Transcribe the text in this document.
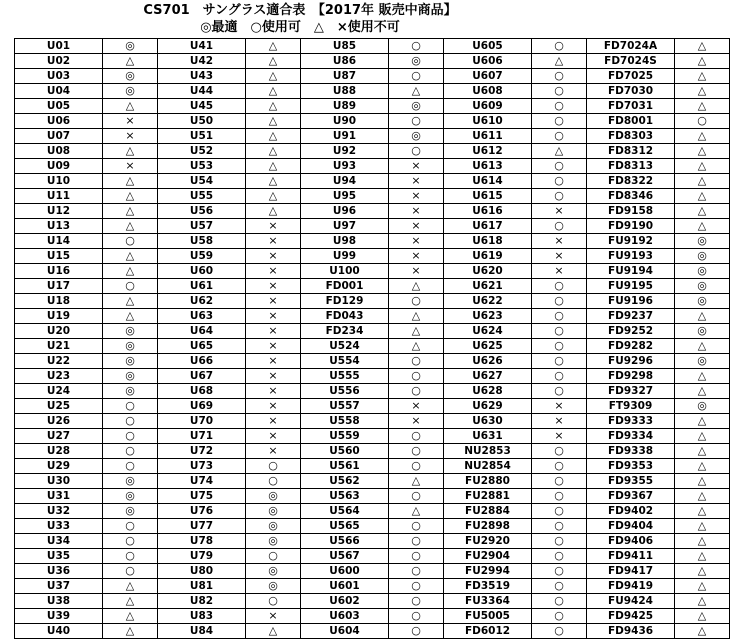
CS701　サングラス適合表　【2017年 販売中商品】
◎最適　○使用可　△　×使用不可
U01	◎	U41	△	U85	○	U605	○	FD7024A	△
U02	△	U42	△	U86	◎	U606	△	FD7024S	△
U03	◎	U43	△	U87	○	U607	○	FD7025	△
U04	◎	U44	△	U88	△	U608	○	FD7030	△
U05	△	U45	△	U89	◎	U609	○	FD7031	△
U06	×	U50	△	U90	○	U610	○	FD8001	○
U07	×	U51	△	U91	◎	U611	○	FD8303	△
U08	△	U52	△	U92	○	U612	△	FD8312	△
U09	×	U53	△	U93	×	U613	○	FD8313	△
U10	△	U54	△	U94	×	U614	○	FD8322	△
U11	△	U55	△	U95	×	U615	○	FD8346	△
U12	△	U56	△	U96	×	U616	×	FD9158	△
U13	△	U57	×	U97	×	U617	○	FD9190	△
U14	○	U58	×	U98	×	U618	×	FU9192	◎
U15	△	U59	×	U99	×	U619	×	FU9193	◎
U16	△	U60	×	U100	×	U620	×	FU9194	◎
U17	○	U61	×	FD001	△	U621	○	FU9195	◎
U18	△	U62	×	FD129	○	U622	○	FU9196	◎
U19	△	U63	×	FD043	△	U623	○	FD9237	△
U20	◎	U64	×	FD234	△	U624	○	FD9252	◎
U21	◎	U65	×	U524	△	U625	○	FD9282	△
U22	◎	U66	×	U554	○	U626	○	FU9296	◎
U23	◎	U67	×	U555	○	U627	○	FD9298	△
U24	◎	U68	×	U556	○	U628	○	FD9327	△
U25	○	U69	×	U557	×	U629	×	FT9309	◎
U26	○	U70	×	U558	×	U630	×	FD9333	△
U27	○	U71	×	U559	○	U631	×	FD9334	△
U28	○	U72	×	U560	○	NU2853	○	FD9338	△
U29	○	U73	○	U561	○	NU2854	○	FD9353	△
U30	◎	U74	○	U562	△	FU2880	○	FD9355	△
U31	◎	U75	◎	U563	○	FU2881	○	FD9367	△
U32	◎	U76	◎	U564	△	FU2884	○	FD9402	△
U33	○	U77	◎	U565	○	FU2898	○	FD9404	△
U34	○	U78	◎	U566	○	FU2920	○	FD9406	△
U35	○	U79	○	U567	○	FU2904	○	FD9411	△
U36	○	U80	◎	U600	○	FU2994	○	FD9417	△
U37	△	U81	◎	U601	○	FD3519	○	FD9419	△
U38	△	U82	○	U602	○	FU3364	○	FU9424	△
U39	△	U83	×	U603	○	FU5005	○	FD9425	△
U40	△	U84	△	U604	○	FD6012	○	FD9436	△
